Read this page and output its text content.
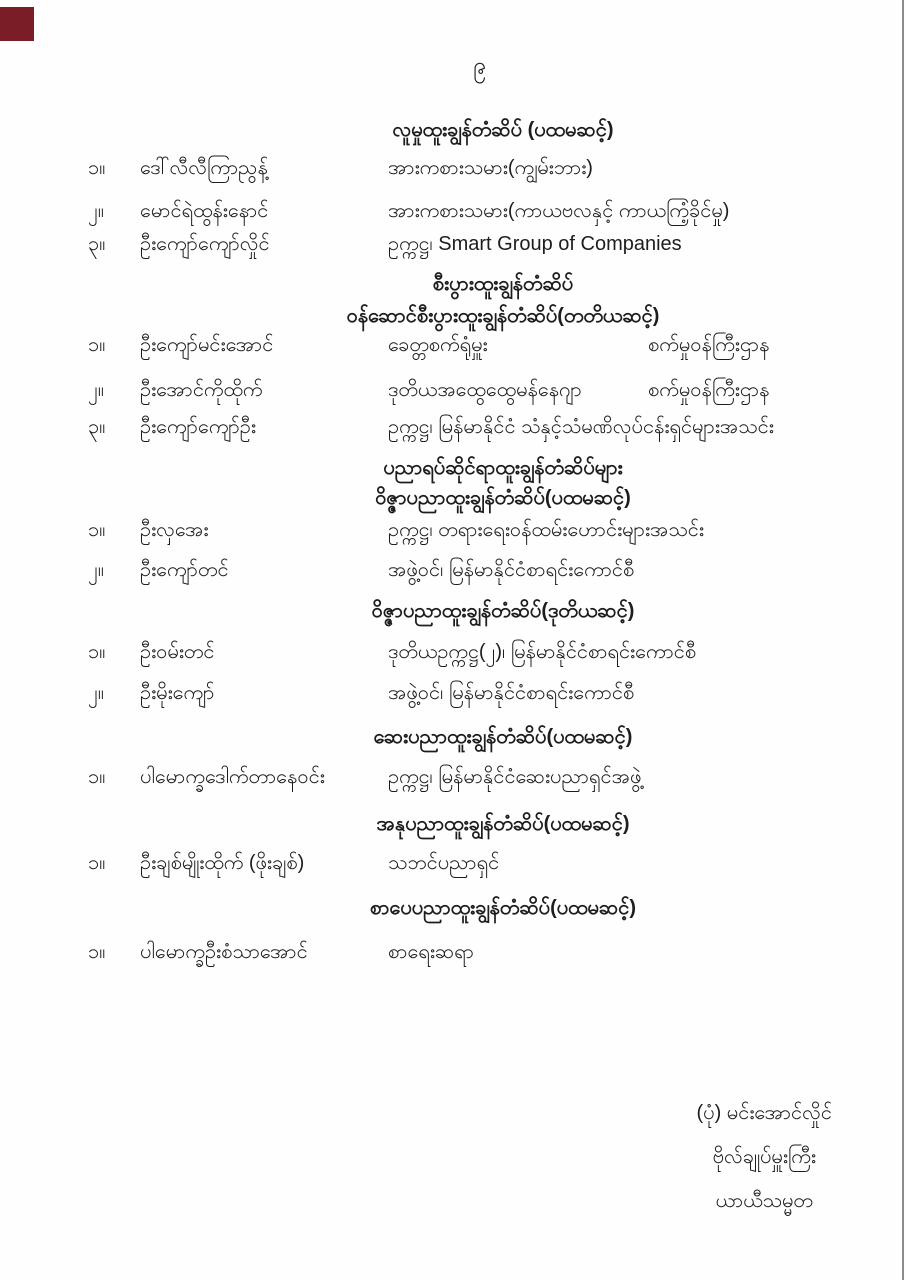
၉
လူမှုထူးချွန်တံဆိပ် (ပထမဆင့်)
၁။ ဒေါ်လီလီကြာညွန့်	အားကစားသမား(ကျွမ်းဘား)
၂။ မောင်ရဲထွန်းနောင်	အားကစားသမား(ကာယဗလနှင့် ကာယကြံ့ခိုင်မှု)
၃။ ဦးကျော်ကျော်လှိုင်	ဥက္ကဋ္ဌ၊ Smart Group of Companies
စီးပွားထူးချွန်တံဆိပ်
ဝန်ဆောင်စီးပွားထူးချွန်တံဆိပ်(တတိယဆင့်)
၁။ ဦးကျော်မင်းအောင်	ခေတ္တစက်ရုံမှူး	စက်မှုဝန်ကြီးဌာန
၂။ ဦးအောင်ကိုထိုက်	ဒုတိယအထွေထွေမန်နေဂျာ	စက်မှုဝန်ကြီးဌာန
၃။ ဦးကျော်ကျော်ဦး	ဥက္ကဋ္ဌ၊ မြန်မာနိုင်ငံ သံနှင့်သံမဏိလုပ်ငန်းရှင်များအသင်း
ပညာရပ်ဆိုင်ရာထူးချွန်တံဆိပ်များ
ဝိဇ္ဇာပညာထူးချွန်တံဆိပ်(ပထမဆင့်)
၁။ ဦးလှအေး	ဥက္ကဋ္ဌ၊ တရားရေးဝန်ထမ်းဟောင်းများအသင်း
၂။ ဦးကျော်တင်	အဖွဲ့ဝင်၊ မြန်မာနိုင်ငံစာရင်းကောင်စီ
ဝိဇ္ဇာပညာထူးချွန်တံဆိပ်(ဒုတိယဆင့်)
၁။ ဦးဝမ်းတင်	ဒုတိယဥက္ကဋ္ဌ(၂)၊ မြန်မာနိုင်ငံစာရင်းကောင်စီ
၂။ ဦးမိုးကျော်	အဖွဲ့ဝင်၊ မြန်မာနိုင်ငံစာရင်းကောင်စီ
ဆေးပညာထူးချွန်တံဆိပ်(ပထမဆင့်)
၁။ ပါမောက္ခဒေါက်တာနေဝင်း	ဥက္ကဋ္ဌ၊ မြန်မာနိုင်ငံဆေးပညာရှင်အဖွဲ့
အနုပညာထူးချွန်တံဆိပ်(ပထမဆင့်)
၁။ ဦးချစ်မျိုးထိုက် (ဖိုးချစ်)	သဘင်ပညာရှင်
စာပေပညာထူးချွန်တံဆိပ်(ပထမဆင့်)
၁။ ပါမောက္ခဦးစံသာအောင်	စာရေးဆရာ
(ပုံ) မင်းအောင်လှိုင်
ဗိုလ်ချုပ်မှူးကြီး
ယာယီသမ္မတ
